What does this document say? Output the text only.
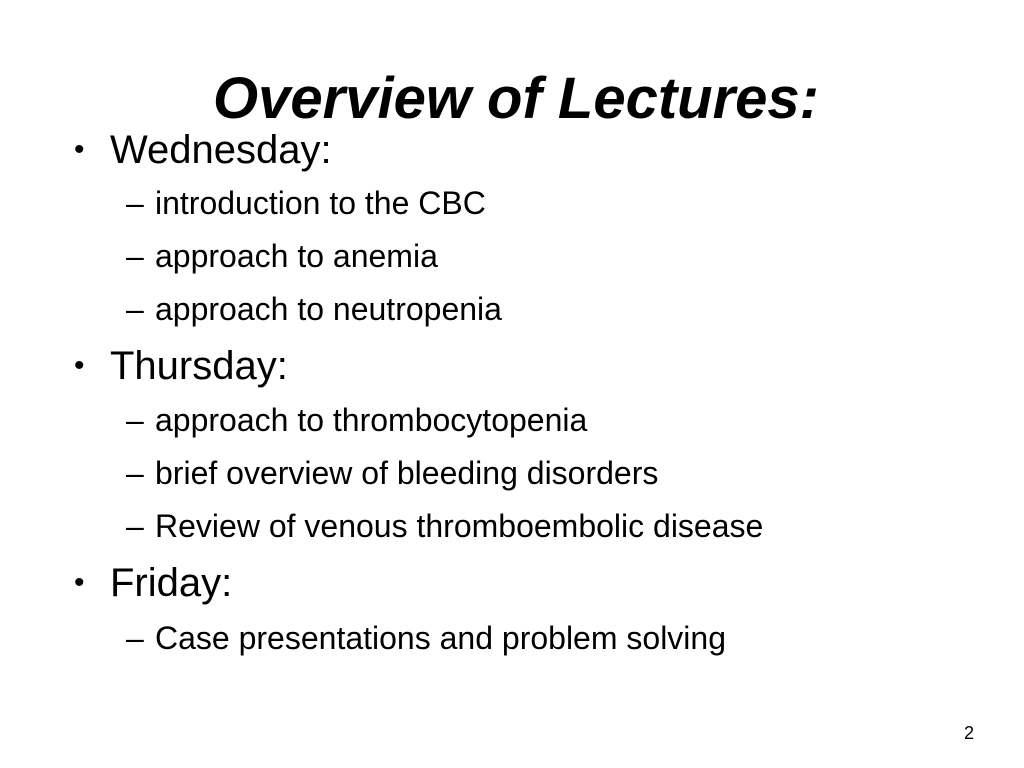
Overview of Lectures:
• Wednesday:
– introduction to the CBC
– approach to anemia
– approach to neutropenia
• Thursday:
– approach to thrombocytopenia
– brief overview of bleeding disorders
– Review of venous thromboembolic disease
• Friday:
– Case presentations and problem solving
2
